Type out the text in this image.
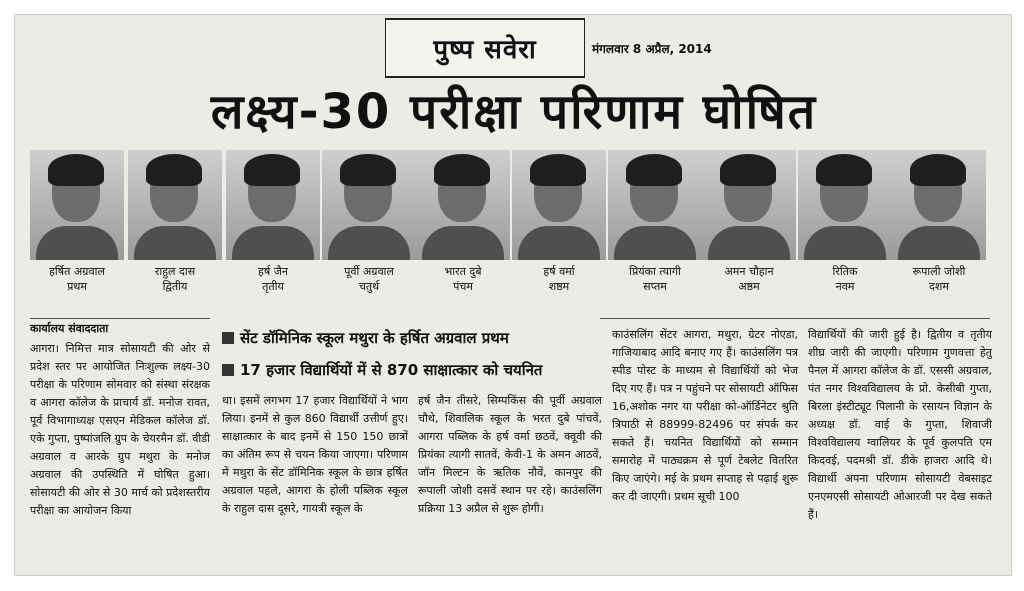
पुष्प सवेरा	मंगलवार 8 अप्रैल, 2014
लक्ष्य-30 परीक्षा परिणाम घोषित
हर्षित अग्रवाल
प्रथम
राहुल दास
द्वितीय
हर्ष जैन
तृतीय
पूर्वी अग्रवाल
चतुर्थ
भारत दुबे
पंचम
हर्ष वर्मा
शष्ठम
प्रियंका त्यागी
सप्तम
अमन चौहान
अष्ठम
रितिक
नवम
रूपाली जोशी
दशम
कार्यालय संवाददाता
सेंट डॉमिनिक स्कूल मथुरा के हर्षित अग्रवाल प्रथम
17 हजार विद्यार्थियों में से 870 साक्षात्कार को चयनित
आगरा। निमित्त मात्र सोसायटी की ओर से प्रदेश स्तर पर आयोजित निःशुल्क लक्ष्य-30 परीक्षा के परिणाम सोमवार को संस्था संरक्षक व आगरा कॉलेज के प्राचार्य डॉ. मनोज रावत, पूर्व विभागाध्यक्ष एसएन मेडिकल कॉलेज डॉ. एके गुप्ता, पुष्पांजलि ग्रुप के चेयरमैन डॉ. वीडी अग्रवाल व आरके ग्रुप मथुरा के मनोज अग्रवाल की उपस्थिति में घोषित हुआ। सोसायटी की ओर से 30 मार्च को प्रदेशस्तरीय परीक्षा का आयोजन किया
था। इसमें लगभग 17 हजार विद्यार्थियों ने भाग लिया। इनमें से कुल 860 विद्यार्थी उत्तीर्ण हुए। साक्षात्कार के बाद इनमें से 150 150 छात्रों का अंतिम रूप से चयन किया जाएगा। परिणाम में मथुरा के सेंट डॉमिनिक स्कूल के छात्र हर्षित अग्रवाल पहले, आगरा के होली पब्लिक स्कूल के राहुल दास दूसरे, गायत्री स्कूल के
हर्ष जैन तीसरे, सिम्पकिंस की पूर्वी अग्रवाल चौथे, शिवालिक स्कूल के भरत दुबे पांचवें, आगरा पब्लिक के हर्ष वर्मा छठवें, क्वूवी की प्रियंका त्यागी सातवें, केवी-1 के अमन आठवें, जॉन मिल्टन के ऋतिक नौवें, कानपुर की रूपाली जोशी दसवें स्थान पर रहे। काउंसलिंग प्रक्रिया 13 अप्रैल से शुरू होगी।
काउंसलिंग सेंटर आगरा, मथुरा, ग्रेटर नोएडा, गाजियाबाद आदि बनाए गए हैं। काउंसलिंग पत्र स्पीड पोस्ट के माध्यम से विद्यार्थियों को भेज दिए गए हैं। पत्र न पहुंचने पर सोसायटी ऑफिस 16,अशोक नगर या परीक्षा को-ऑर्डिनेटर श्रुति त्रिपाठी से 88999-82496 पर संपर्क कर सकते हैं। चयनित विद्यार्थियों को सम्मान समारोह में पाठ्यक्रम से पूर्ण टेबलेट वितरित किए जाएंगे। मई के प्रथम सप्ताह से पढ़ाई शुरू कर दी जाएगी। प्रथम सूची 100
विद्यार्थियों की जारी हुई है। द्वितीय व तृतीय शीघ्र जारी की जाएगी। परिणाम गुणवत्ता हेतु पैनल में आगरा कॉलेज के डॉ. एससी अग्रवाल, पंत नगर विश्वविद्यालय के प्रो. केसीबी गुप्ता, बिरला इंस्टीट्यूट पिलानी के रसायन विज्ञान के अध्यक्ष डॉ. वाई के गुप्ता, शिवाजी विश्वविद्यालय ग्वालियर के पूर्व कुलपति एम किदवई, पदमश्री डॉ. डीके हाजरा आदि थे। विद्यार्थी अपना परिणाम सोसायटी वेबसाइट एनएमएसी सोसायटी ओआरजी पर देख सकते हैं।
